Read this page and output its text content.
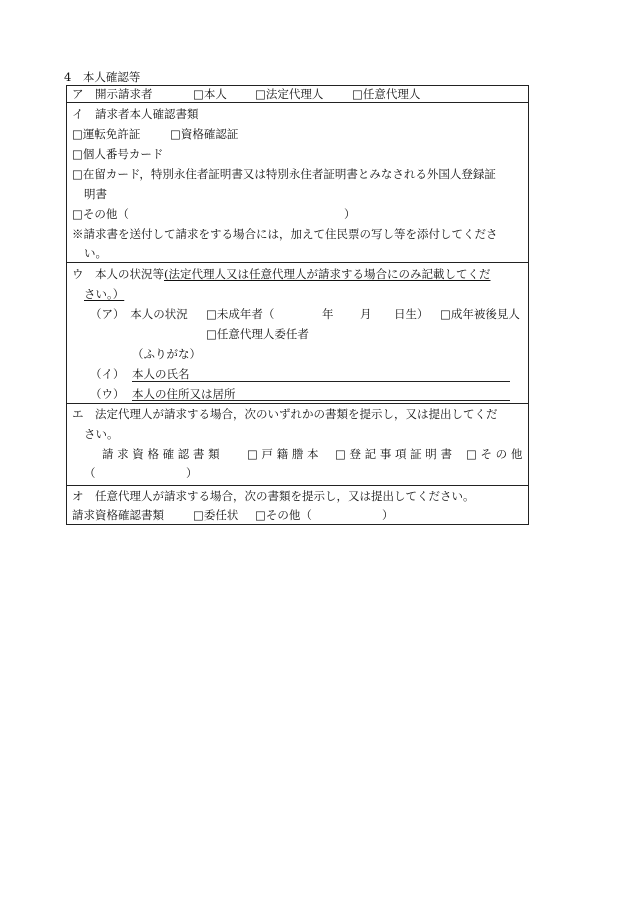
4　本人確認等
ア　開示請求者	□本人 □法定代理人 □任意代理人
イ　請求者本人確認書類
□運転免許証	□資格確認証
□個人番号カード
□在留カード，特別永住者証明書又は特別永住者証明書とみなされる外国人登録証
明書
□その他（	）
※請求書を送付して請求をする場合には，加えて住民票の写し等を添付してくださ
い。
ウ　本人の状況等(法定代理人又は任意代理人が請求する場合にのみ記載してくだ
さい。）
（ア）　本人の状況 □未成年者（	年 月 日生） □成年被後見人
□任意代理人委任者
（ふりがな）
（イ） 本人の氏名
（ウ） 本人の住所又は居所
エ　法定代理人が請求する場合，次のいずれかの書類を提示し，又は提出してくだ
さい。
請 求 資 格 確 認 書 類 □ 戸 籍 謄 本 □ 登 記 事 項 証 明 書 □ そ の 他
（	）
オ　任意代理人が請求する場合，次の書類を提示し，又は提出してください。
請求資格確認書類	□委任状 □その他（	）
